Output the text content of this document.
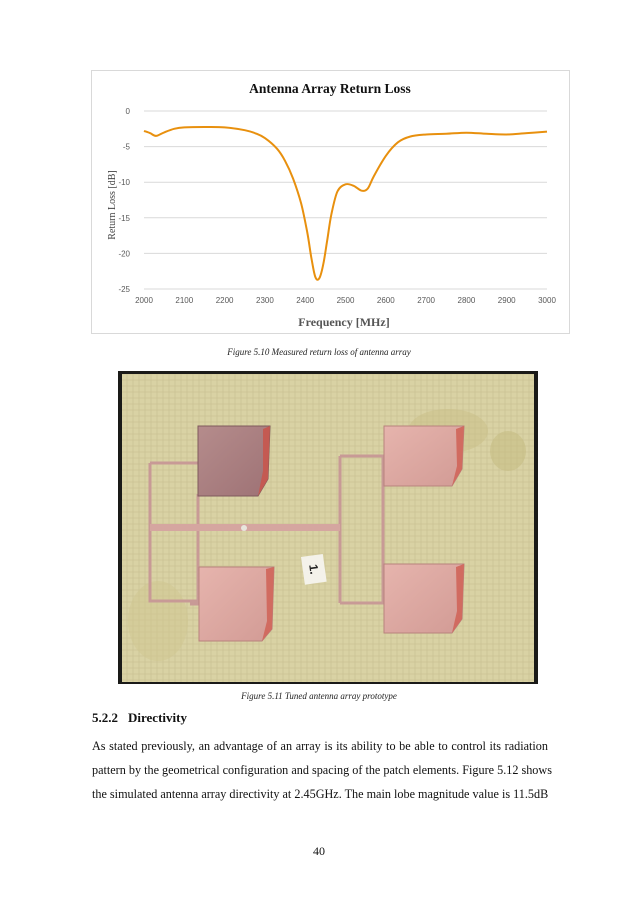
0
-5
-10
-15
-20
-25
2000	2100	2200	2300	2400	2500	2600	2700	2800	2900	3000
Antenna Array Return Loss
Frequency [MHz]
Return Loss [dB]
Figure 5.10 Measured return loss of antenna array
1.
Figure 5.11 Tuned antenna array prototype
5.2.2 Directivity
As stated previously, an advantage of an array is its ability to be able to control its radiation
pattern by the geometrical configuration and spacing of the patch elements. Figure 5.12 shows
the simulated antenna array directivity at 2.45GHz. The main lobe magnitude value is 11.5dB
40
